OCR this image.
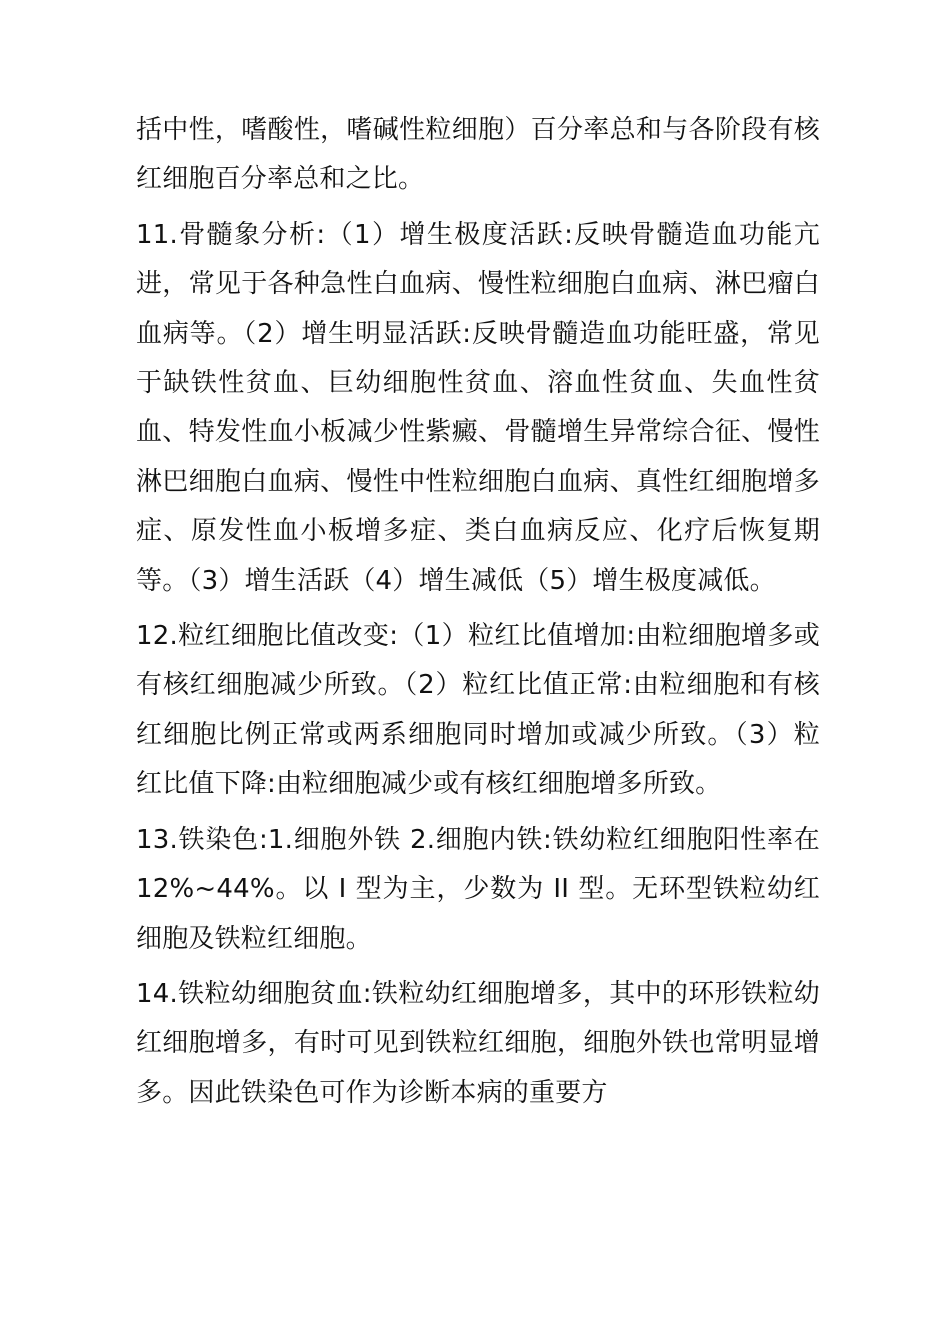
括中性，嗜酸性，嗜碱性粒细胞）百分率总和与各阶段有核红细胞百分率总和之比。

11.骨髓象分析:（1）增生极度活跃:反映骨髓造血功能亢进，常见于各种急性白血病、慢性粒细胞白血病、淋巴瘤白血病等。（2）增生明显活跃:反映骨髓造血功能旺盛，常见于缺铁性贫血、巨幼细胞性贫血、溶血性贫血、失血性贫血、特发性血小板减少性紫癜、骨髓增生异常综合征、慢性淋巴细胞白血病、慢性中性粒细胞白血病、真性红细胞增多症、原发性血小板增多症、类白血病反应、化疗后恢复期等。（3）增生活跃（4）增生减低（5）增生极度减低。

12.粒红细胞比值改变:（1）粒红比值增加:由粒细胞增多或有核红细胞减少所致。（2）粒红比值正常:由粒细胞和有核红细胞比例正常或两系细胞同时增加或减少所致。（3）粒红比值下降:由粒细胞减少或有核红细胞增多所致。

13.铁染色:1.细胞外铁 2.细胞内铁:铁幼粒红细胞阳性率在 12%~44%。以 I 型为主，少数为 II 型。无环型铁粒幼红细胞及铁粒红细胞。

14.铁粒幼细胞贫血:铁粒幼红细胞增多，其中的环形铁粒幼红细胞增多，有时可见到铁粒红细胞，细胞外铁也常明显增多。因此铁染色可作为诊断本病的重要方
